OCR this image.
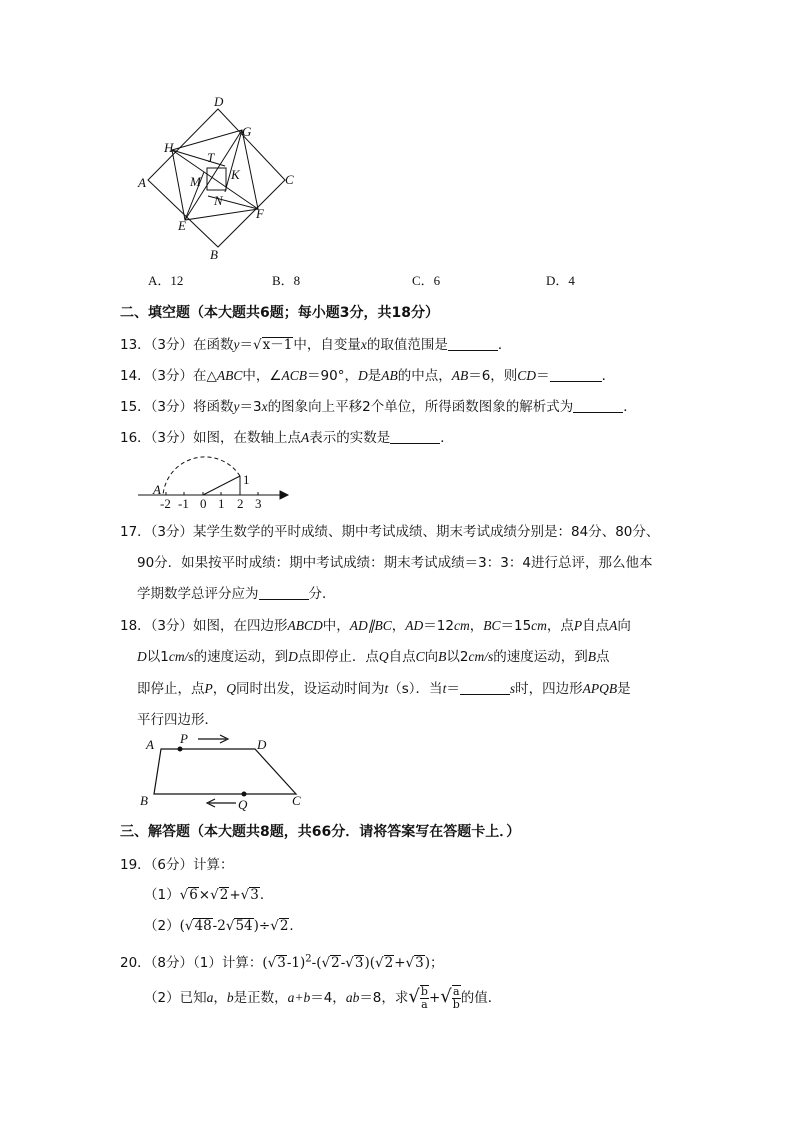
D
G
H
T
A	C
M K
N
E
F
B
A．12	B．8	C．6	D．4
二、填空题（本大题共6题；每小题3分，共18分）
13．（3分）在函数y＝√x－1中，自变量x的取值范围是	．
14．（3分）在△ABC中，∠ACB＝90°，D是AB的中点，AB＝6，则CD＝	．
15．（3分）将函数y＝3x的图象向上平移2个单位，所得函数图象的解析式为	．
16．（3分）如图，在数轴上点A表示的实数是	．
A
1
-2 -1 0 1 2 3
17．（3分）某学生数学的平时成绩、期中考试成绩、期末考试成绩分别是：84分、80分、
90分．如果按平时成绩：期中考试成绩：期末考试成绩＝3：3：4进行总评，那么他本
学期数学总评分应为	分．
18．（3分）如图，在四边形ABCD中，AD∥BC，AD＝12cm，BC＝15cm，点P自点A向
D以1cm/s的速度运动，到D点即停止．点Q自点C向B以2cm/s的速度运动，到B点
即停止，点P，Q同时出发，设运动时间为t（s）．当t＝	s时，四边形APQB是
平行四边形．
A P	D
B	Q	C
三、解答题（本大题共8题，共66分．请将答案写在答题卡上．）
19．（6分）计算：
（1）√6×√2+√3．
（2）(√48-2√54)÷√2．
20．（8分）（1）计算：$(√3-1)^2-(√2-√3)(√2+√3)$；
（2）已知a，b是正数，a+b＝4，ab＝8，求√ $\frac{b}{a}$ +√ $\frac{a}{b}$ 的值．
